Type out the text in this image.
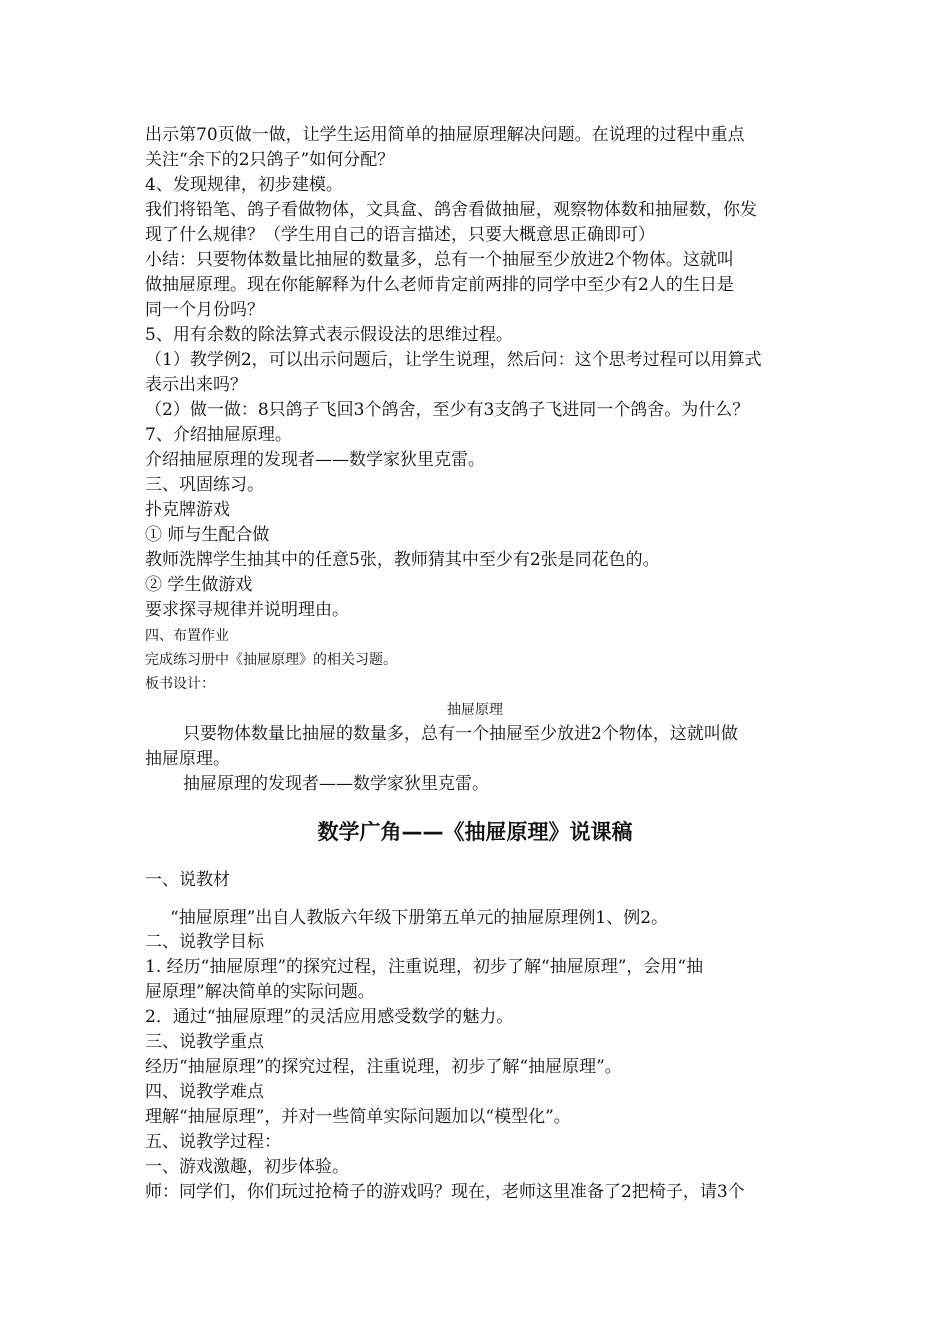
出示第70页做一做，让学生运用简单的抽屉原理解决问题。在说理的过程中重点
关注“余下的2只鸽子”如何分配？
4、发现规律，初步建模。
我们将铅笔、鸽子看做物体，文具盒、鸽舍看做抽屉，观察物体数和抽屉数，你发
现了什么规律？（学生用自己的语言描述，只要大概意思正确即可）
小结：只要物体数量比抽屉的数量多，总有一个抽屉至少放进2个物体。这就叫
做抽屉原理。现在你能解释为什么老师肯定前两排的同学中至少有2人的生日是
同一个月份吗？
5、用有余数的除法算式表示假设法的思维过程。
（1）教学例2，可以出示问题后，让学生说理，然后问：这个思考过程可以用算式
表示出来吗？
（2）做一做：8只鸽子飞回3个鸽舍，至少有3支鸽子飞进同一个鸽舍。为什么？
7、介绍抽屉原理。
介绍抽屉原理的发现者——数学家狄里克雷。
三、巩固练习。
扑克牌游戏
① 师与生配合做
教师洗牌学生抽其中的任意5张，教师猜其中至少有2张是同花色的。
② 学生做游戏
要求探寻规律并说明理由。
四、布置作业
完成练习册中《抽屉原理》的相关习题。
板书设计：
抽屉原理
只要物体数量比抽屉的数量多，总有一个抽屉至少放进2个物体，这就叫做
抽屉原理。
抽屉原理的发现者——数学家狄里克雷。
数学广角——《抽屉原理》说课稿
一、说教材
“抽屉原理”出自人教版六年级下册第五单元的抽屉原理例1、例2。
二、说教学目标
1. 经历“抽屉原理”的探究过程，注重说理，初步了解“抽屉原理”，会用“抽
屉原理”解决简单的实际问题。
2．通过“抽屉原理”的灵活应用感受数学的魅力。
三、说教学重点
经历“抽屉原理”的探究过程，注重说理，初步了解“抽屉原理”。
四、说教学难点
理解“抽屉原理”，并对一些简单实际问题加以“模型化”。
五、说教学过程：
一、游戏激趣，初步体验。
师：同学们，你们玩过抢椅子的游戏吗？现在，老师这里准备了2把椅子，请3个
